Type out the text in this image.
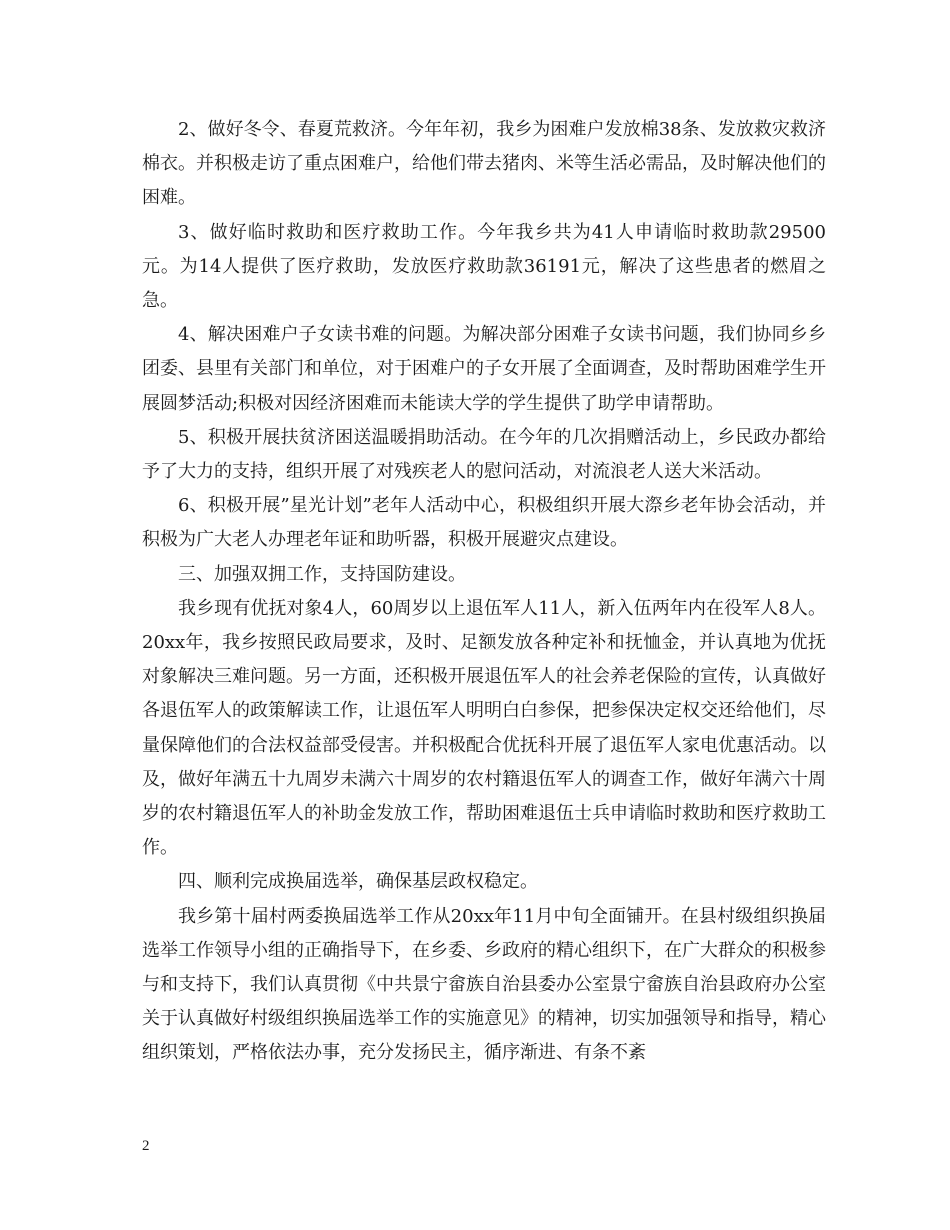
2、做好冬令、春夏荒救济。今年年初，我乡为困难户发放棉38条、发放救灾救济棉衣。并积极走访了重点困难户，给他们带去猪肉、米等生活必需品，及时解决他们的困难。

3、做好临时救助和医疗救助工作。今年我乡共为41人申请临时救助款29500元。为14人提供了医疗救助，发放医疗救助款36191元，解决了这些患者的燃眉之急。

4、解决困难户子女读书难的问题。为解决部分困难子女读书问题，我们协同乡乡团委、县里有关部门和单位，对于困难户的子女开展了全面调查，及时帮助困难学生开展圆梦活动;积极对因经济困难而未能读大学的学生提供了助学申请帮助。

5、积极开展扶贫济困送温暖捐助活动。在今年的几次捐赠活动上，乡民政办都给予了大力的支持，组织开展了对残疾老人的慰问活动，对流浪老人送大米活动。

6、积极开展”星光计划”老年人活动中心，积极组织开展大漈乡老年协会活动，并积极为广大老人办理老年证和助听器，积极开展避灾点建设。

三、加强双拥工作，支持国防建设。

我乡现有优抚对象4人，60周岁以上退伍军人11人，新入伍两年内在役军人8人。20xx年，我乡按照民政局要求，及时、足额发放各种定补和抚恤金，并认真地为优抚对象解决三难问题。另一方面，还积极开展退伍军人的社会养老保险的宣传，认真做好各退伍军人的政策解读工作，让退伍军人明明白白参保，把参保决定权交还给他们，尽量保障他们的合法权益部受侵害。并积极配合优抚科开展了退伍军人家电优惠活动。以及，做好年满五十九周岁未满六十周岁的农村籍退伍军人的调查工作，做好年满六十周岁的农村籍退伍军人的补助金发放工作，帮助困难退伍士兵申请临时救助和医疗救助工作。

四、顺利完成换届选举，确保基层政权稳定。

我乡第十届村两委换届选举工作从20xx年11月中旬全面铺开。在县村级组织换届选举工作领导小组的正确指导下，在乡委、乡政府的精心组织下，在广大群众的积极参与和支持下，我们认真贯彻《中共景宁畲族自治县委办公室景宁畲族自治县政府办公室关于认真做好村级组织换届选举工作的实施意见》的精神，切实加强领导和指导，精心组织策划，严格依法办事，充分发扬民主，循序渐进、有条不紊

2
